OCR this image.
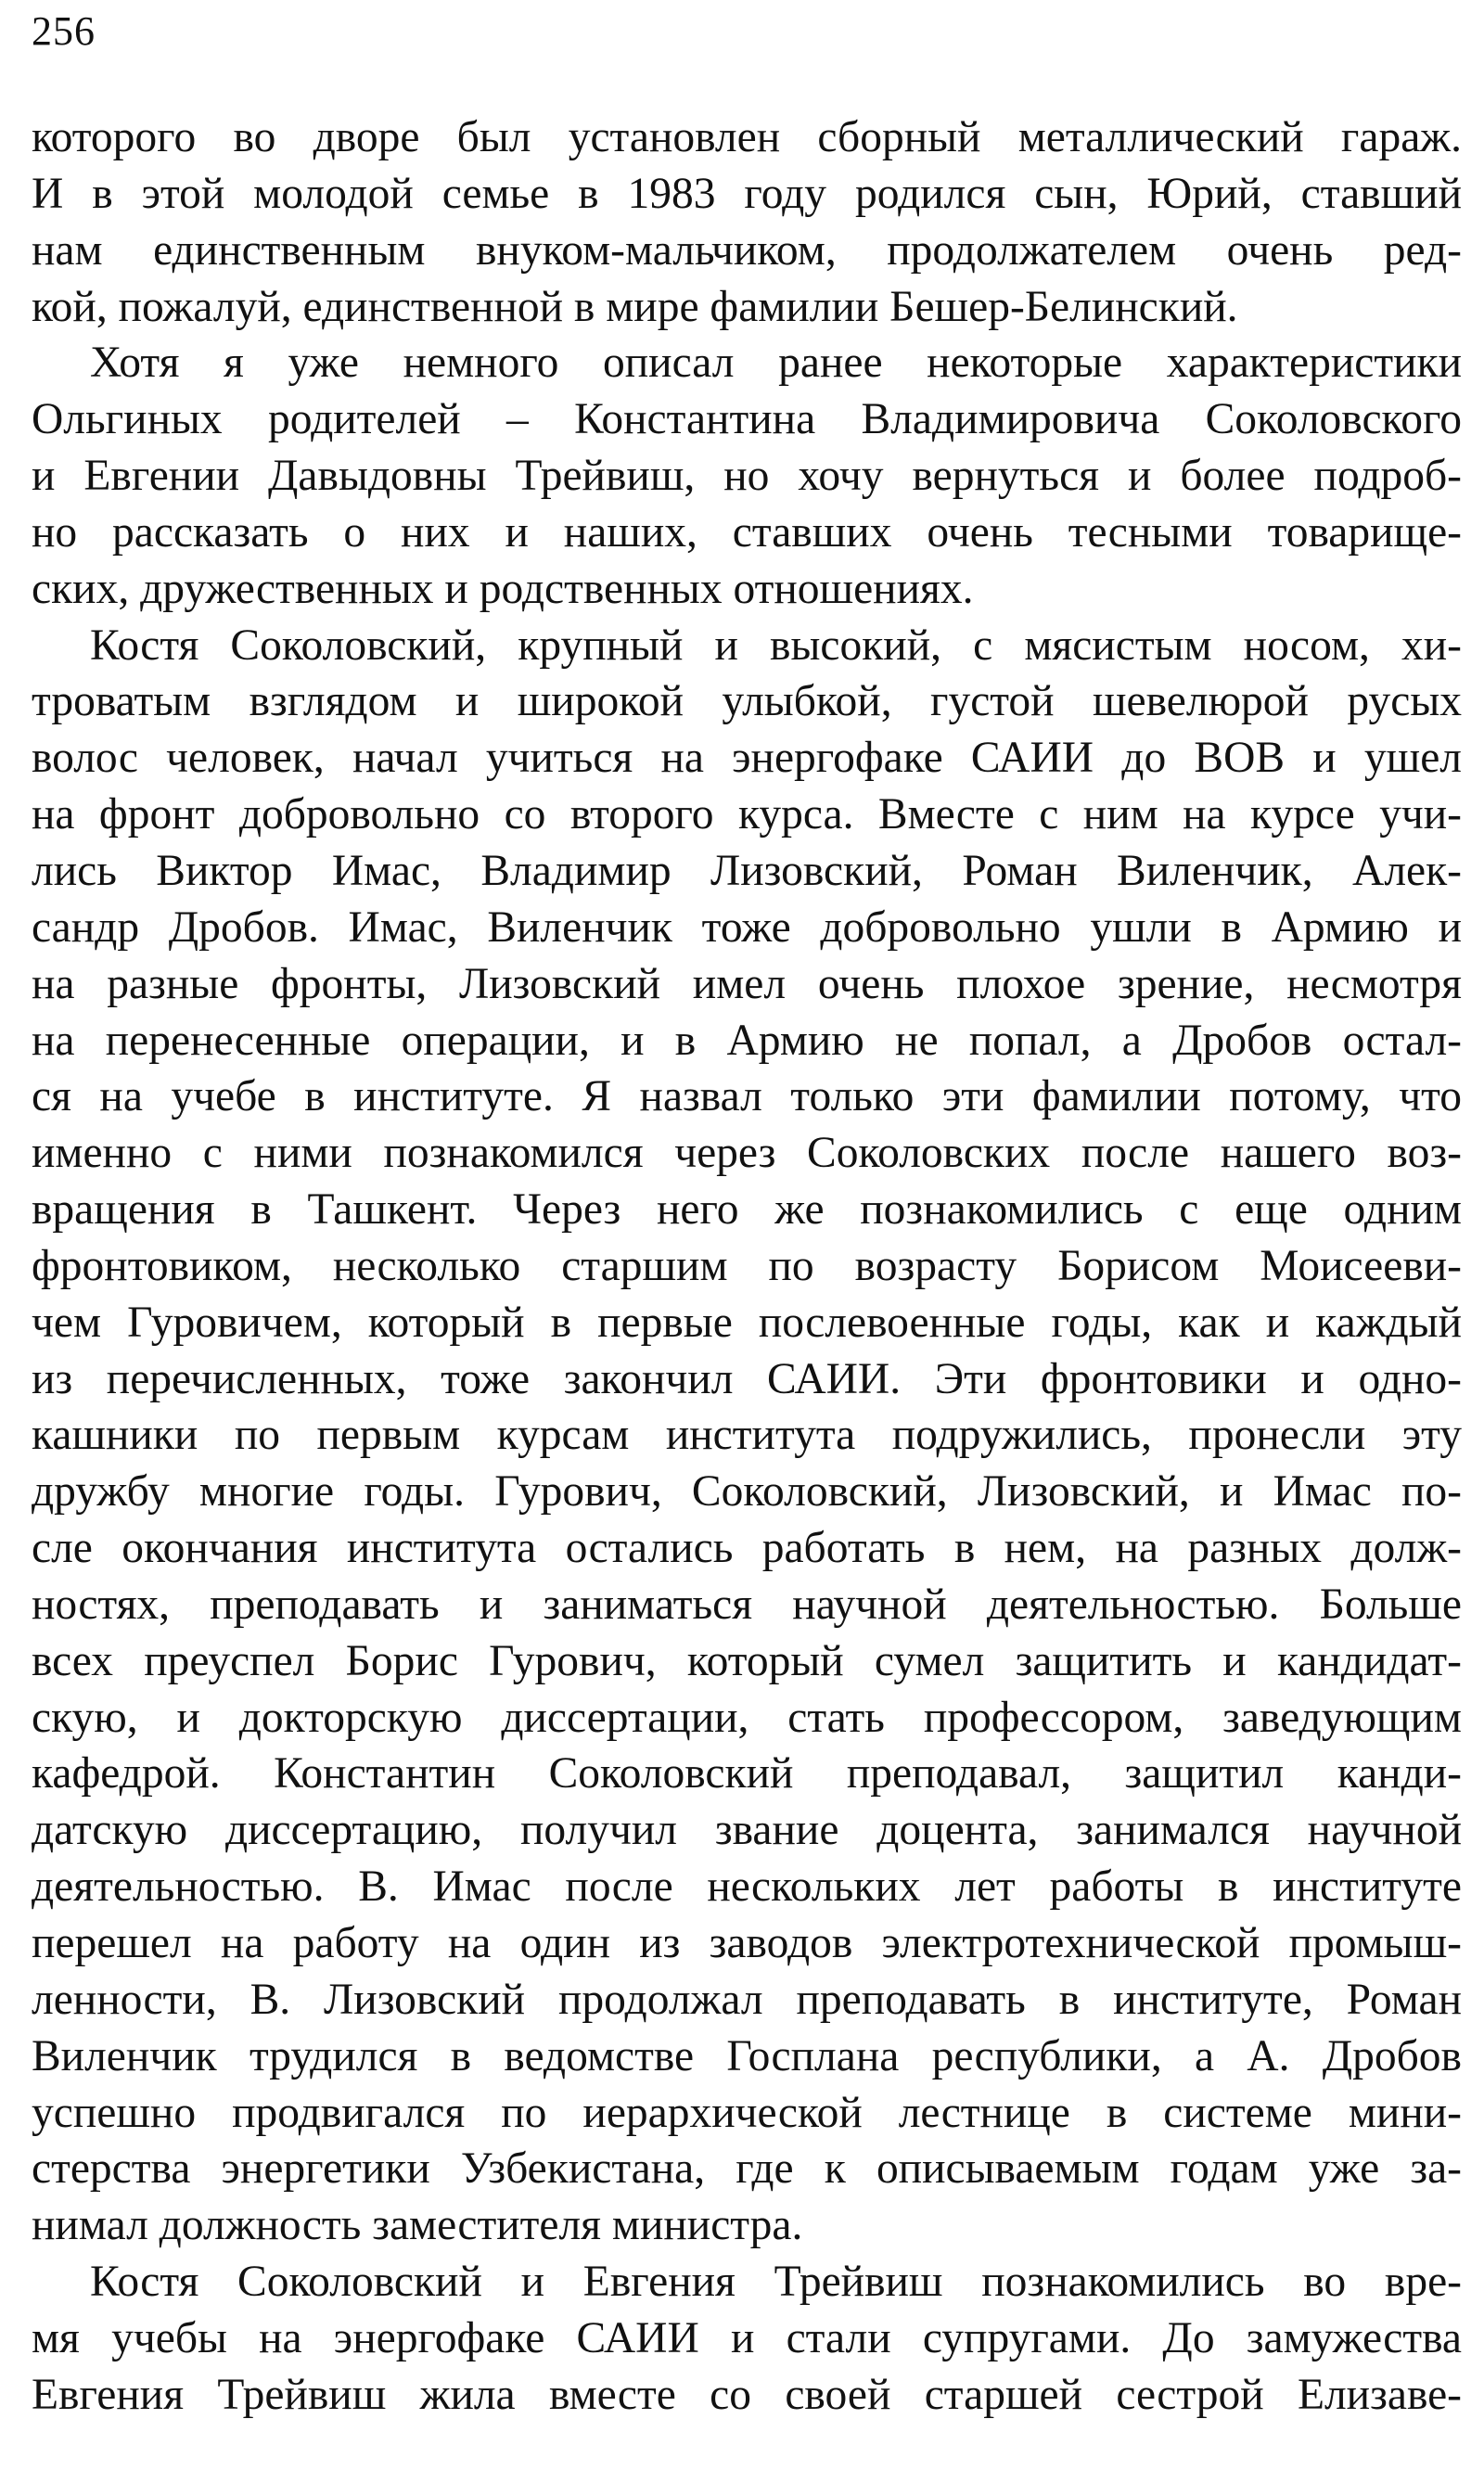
256
которого во дворе был установлен сборный металлический гараж.
И в этой молодой семье в 1983 году родился сын, Юрий, ставший
нам единственным внуком-мальчиком, продолжателем очень ред-
кой, пожалуй, единственной в мире фамилии Бешер-Белинский.
Хотя я уже немного описал ранее некоторые характеристики
Ольгиных родителей – Константина Владимировича Соколовского
и Евгении Давыдовны Трейвиш, но хочу вернуться и более подроб-
но рассказать о них и наших, ставших очень тесными товарище-
ских, дружественных и родственных отношениях.
Костя Соколовский, крупный и высокий, с мясистым носом, хи-
троватым взглядом и широкой улыбкой, густой шевелюрой русых
волос человек, начал учиться на энергофаке САИИ до ВОВ и ушел
на фронт добровольно со второго курса. Вместе с ним на курсе учи-
лись Виктор Имас, Владимир Лизовский, Роман Виленчик, Алек-
сандр Дробов. Имас, Виленчик тоже добровольно ушли в Армию и
на разные фронты, Лизовский имел очень плохое зрение, несмотря
на перенесенные операции, и в Армию не попал, а Дробов остал-
ся на учебе в институте. Я назвал только эти фамилии потому, что
именно с ними познакомился через Соколовских после нашего воз-
вращения в Ташкент. Через него же познакомились с еще одним
фронтовиком, несколько старшим по возрасту Борисом Моисееви-
чем Гуровичем, который в первые послевоенные годы, как и каждый
из перечисленных, тоже закончил САИИ. Эти фронтовики и одно-
кашники по первым курсам института подружились, пронесли эту
дружбу многие годы. Гурович, Соколовский, Лизовский, и Имас по-
сле окончания института остались работать в нем, на разных долж-
ностях, преподавать и заниматься научной деятельностью. Больше
всех преуспел Борис Гурович, который сумел защитить и кандидат-
скую, и докторскую диссертации, стать профессором, заведующим
кафедрой. Константин Соколовский преподавал, защитил канди-
датскую диссертацию, получил звание доцента, занимался научной
деятельностью. В. Имас после нескольких лет работы в институте
перешел на работу на один из заводов электротехнической промыш-
ленности, В. Лизовский продолжал преподавать в институте, Роман
Виленчик трудился в ведомстве Госплана республики, а А. Дробов
успешно продвигался по иерархической лестнице в системе мини-
стерства энергетики Узбекистана, где к описываемым годам уже за-
нимал должность заместителя министра.
Костя Соколовский и Евгения Трейвиш познакомились во вре-
мя учебы на энергофаке САИИ и стали супругами. До замужества
Евгения Трейвиш жила вместе со своей старшей сестрой Елизаве-
